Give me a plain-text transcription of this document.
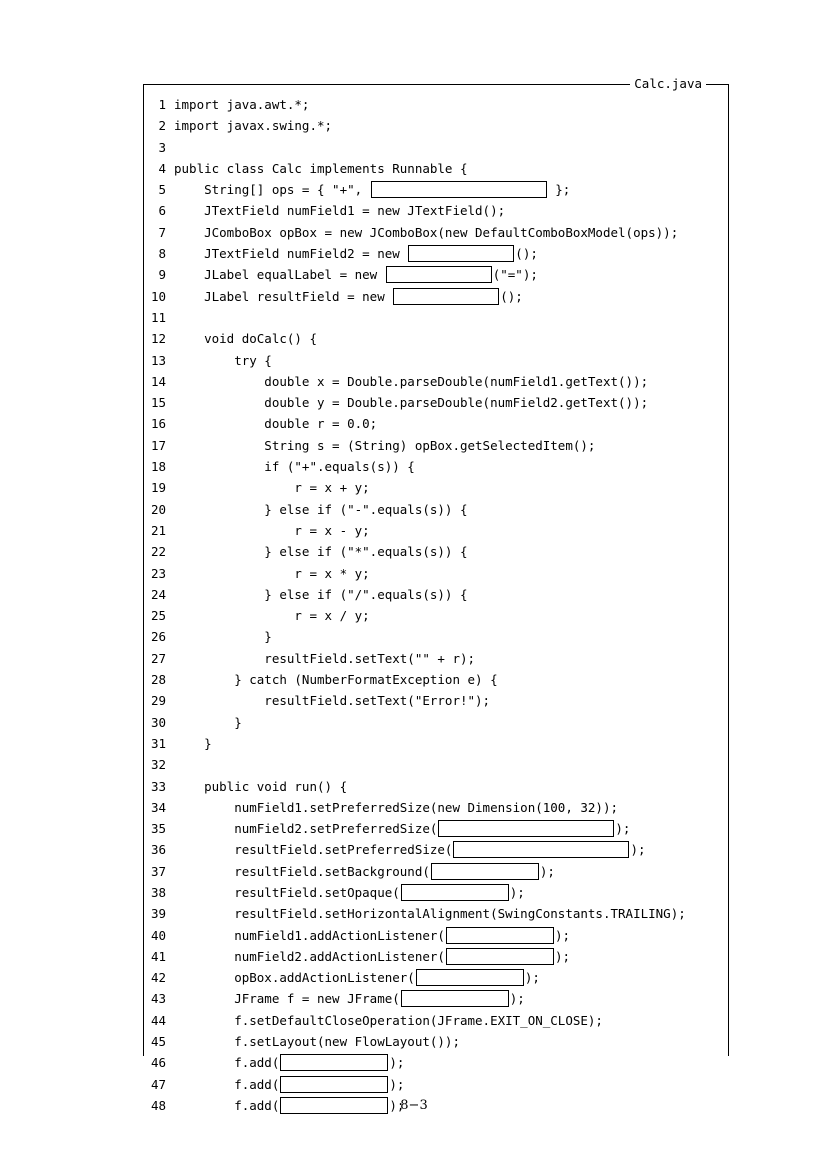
Calc.java
1 import java.awt.*;
2 import javax.swing.*;
3
4 public class Calc implements Runnable {
5 String[] ops = { "+",	};
6 JTextField numField1 = new JTextField();
7 JComboBox opBox = new JComboBox(new DefaultComboBoxModel(ops));
8 JTextField numField2 = new	();
9 JLabel equalLabel = new	("=");
10 JLabel resultField = new	();
11
12 void doCalc() {
13 try {
14 double x = Double.parseDouble(numField1.getText());
15 double y = Double.parseDouble(numField2.getText());
16 double r = 0.0;
17 String s = (String) opBox.getSelectedItem();
18 if ("+".equals(s)) {
19 r = x + y;
20 } else if ("-".equals(s)) {
21 r = x - y;
22 } else if ("*".equals(s)) {
23 r = x * y;
24 } else if ("/".equals(s)) {
25 r = x / y;
26 }
27 resultField.setText("" + r);
28 } catch (NumberFormatException e) {
29 resultField.setText("Error!");
30 }
31 }
32
33 public void run() {
34 numField1.setPreferredSize(new Dimension(100, 32));
35 numField2.setPreferredSize(	);
36 resultField.setPreferredSize(	);
37 resultField.setBackground(	);
38 resultField.setOpaque(	);
39 resultField.setHorizontalAlignment(SwingConstants.TRAILING);
40 numField1.addActionListener(	);
41 numField2.addActionListener(	);
42 opBox.addActionListener(	);
43 JFrame f = new JFrame(	);
44 f.setDefaultCloseOperation(JFrame.EXIT_ON_CLOSE);
45 f.setLayout(new FlowLayout());
46 f.add(	);
47 f.add(	);
48 f.add(	);
8−3
